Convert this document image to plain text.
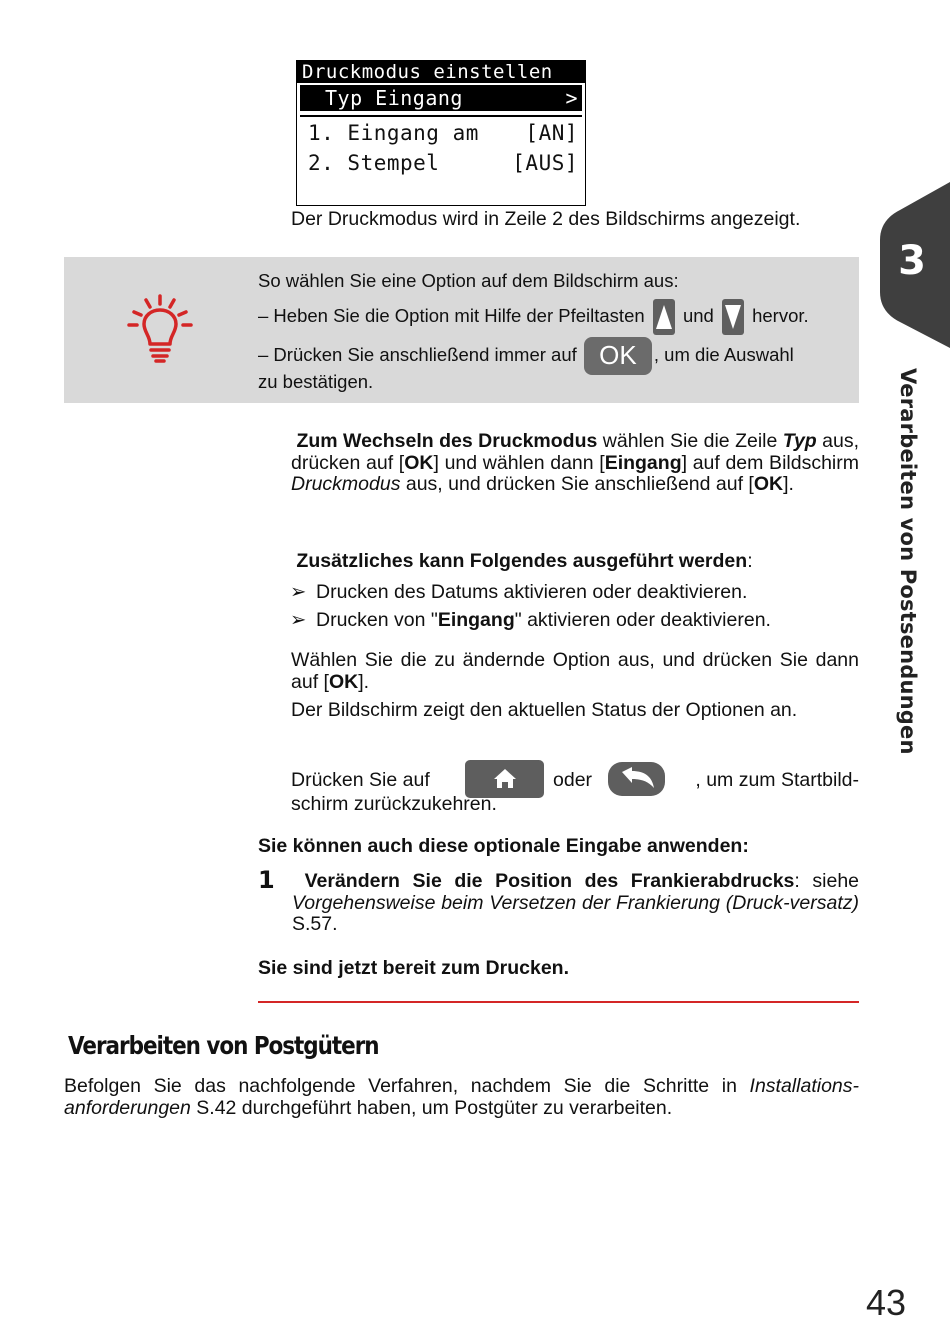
Druckmodus einstellen
Typ Eingang	>
1. Eingang am [AN]
2. Stempel	[AUS]
Der Druckmodus wird in Zeile 2 des Bildschirms angezeigt.
So wählen Sie eine Option auf dem Bildschirm aus:
– Heben Sie die Option mit Hilfe der Pfeiltasten und hervor.
– Drücken Sie anschließend immer auf OK , um die Auswahl
zu bestätigen.
Zum Wechseln des Druckmodus wählen Sie die Zeile Typ aus, drücken auf [OK] und wählen dann [Eingang] auf dem Bildschirm Druckmodus aus, und drücken Sie anschließend auf [OK].
Zusätzliches kann Folgendes ausgeführt werden:
➢ Drucken des Datums aktivieren oder deaktivieren.
➢ Drucken von "Eingang" aktivieren oder deaktivieren.
Wählen Sie die zu ändernde Option aus, und drücken Sie dann auf [OK].
Der Bildschirm zeigt den aktuellen Status der Optionen an.
Drücken Sie auf	oder	, um zum Startbild-
schirm zurückzukehren.
Sie können auch diese optionale Eingabe anwenden:
1	Verändern Sie die Position des Frankierabdrucks: siehe Vorgehensweise beim Versetzen der Frankierung (Druck-versatz) S.57.
Sie sind jetzt bereit zum Drucken.
Verarbeiten von Postgütern
Befolgen Sie das nachfolgende Verfahren, nachdem Sie die Schritte in Installations-anforderungen S.42 durchgeführt haben, um Postgüter zu verarbeiten.
3
Verarbeiten von Postsendungen
43
